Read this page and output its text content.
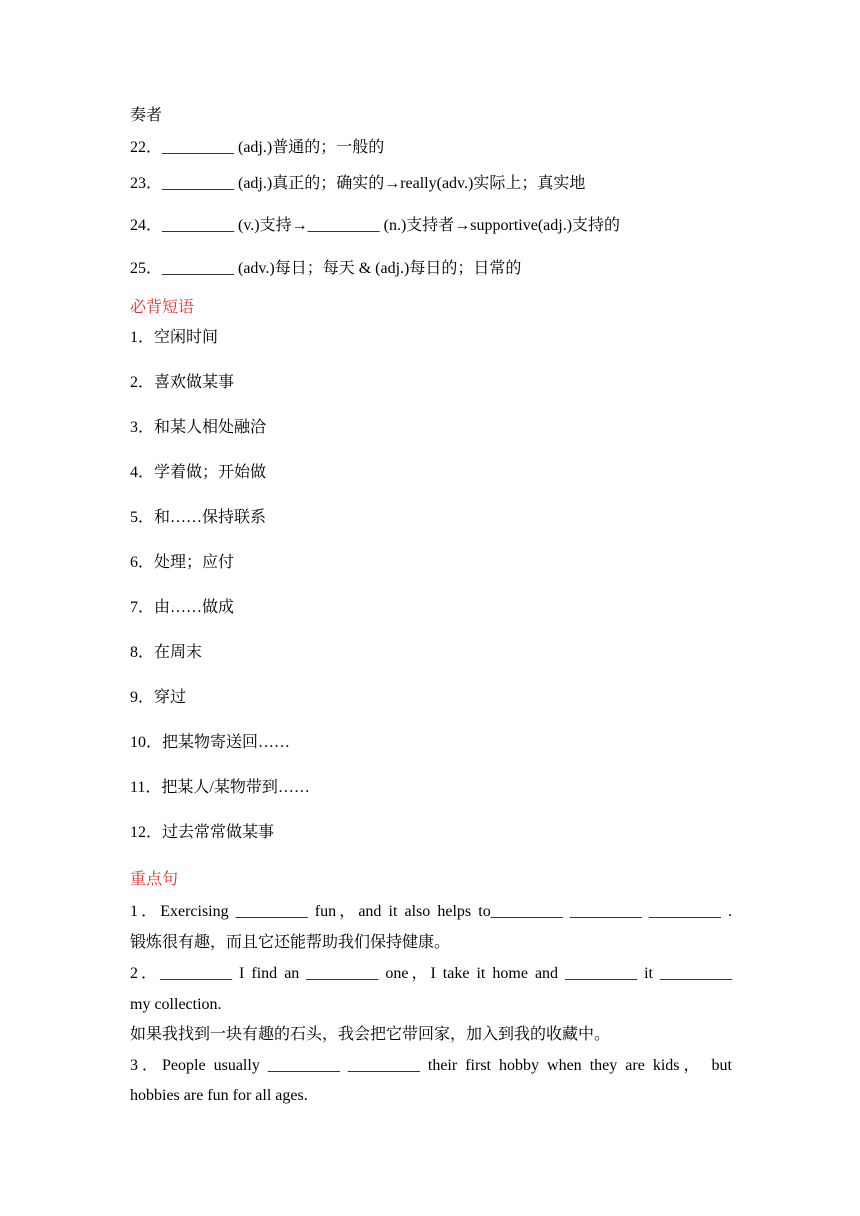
奏者
22．_________ (adj.)普通的；一般的
23．_________ (adj.)真正的；确实的→really(adv.)实际上；真实地
24．_________ (v.)支持→_________ (n.)支持者→supportive(adj.)支持的
25．_________ (adv.)每日；每天 & (adj.)每日的；日常的
必背短语
1．空闲时间
2．喜欢做某事
3．和某人相处融洽
4．学着做；开始做
5．和……保持联系
6．处理；应付
7．由……做成
8．在周末
9．穿过
10．把某物寄送回……
11．把某人/某物带到……
12．过去常常做某事
重点句
1．Exercising _________ fun，and it also helps to_________ _________ _________ .
锻炼很有趣，而且它还能帮助我们保持健康。
2．_________ I find an _________ one，I take it home and _________ it _________
my collection.
如果我找到一块有趣的石头，我会把它带回家，加入到我的收藏中。
3．People usually _________ _________ their first hobby when they are kids， but
hobbies are fun for all ages.
